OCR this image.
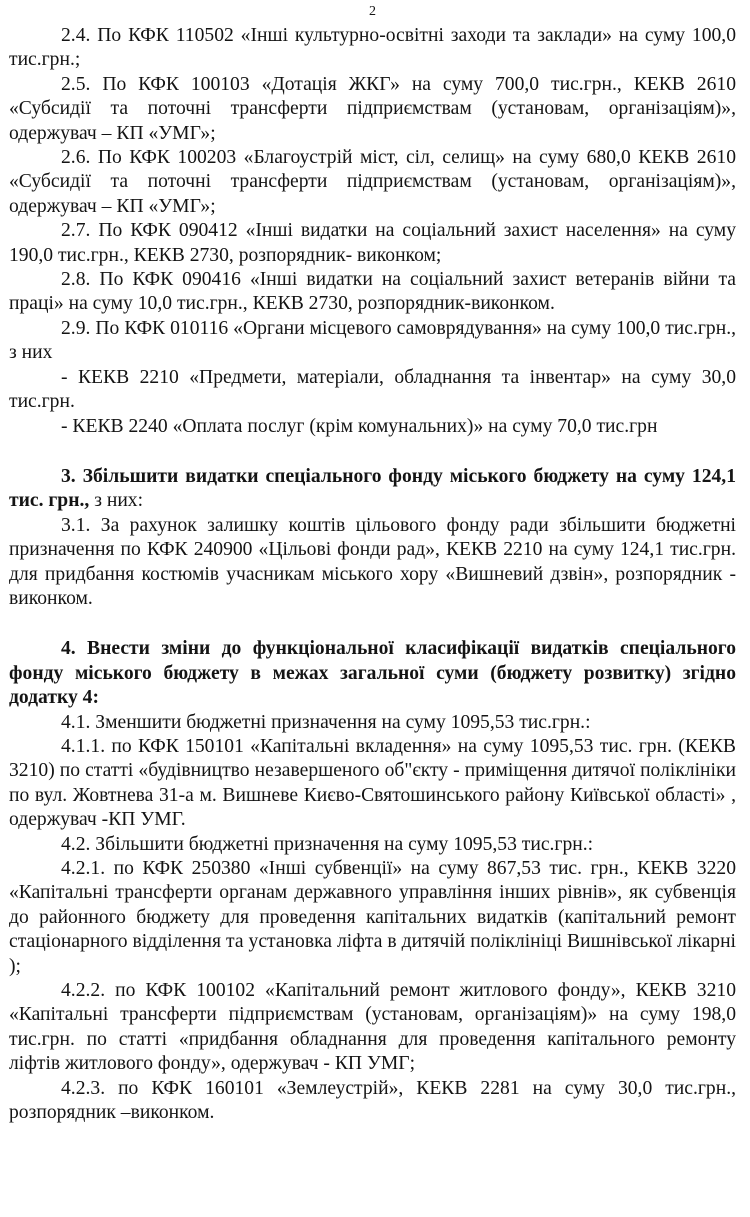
2

2.4. По КФК 110502 «Інші культурно-освітні заходи та заклади» на суму 100,0 тис.грн.;

2.5. По КФК 100103 «Дотація ЖКГ» на суму 700,0 тис.грн., КЕКВ 2610 «Субсидії та поточні трансферти підприємствам (установам, організаціям)», одержувач – КП «УМГ»;

2.6. По КФК 100203 «Благоустрій міст, сіл, селищ» на суму 680,0 КЕКВ 2610 «Субсидії та поточні трансферти підприємствам (установам, організаціям)», одержувач – КП «УМГ»;

2.7. По КФК 090412 «Інші видатки на соціальний захист населення» на суму 190,0 тис.грн., КЕКВ 2730, розпорядник- виконком;

2.8. По КФК 090416 «Інші видатки на соціальний захист ветеранів війни та праці» на суму 10,0 тис.грн., КЕКВ 2730, розпорядник-виконком.

2.9. По КФК 010116 «Органи місцевого самоврядування» на суму 100,0 тис.грн., з них

- КЕКВ 2210 «Предмети, матеріали, обладнання та інвентар» на суму 30,0 тис.грн.

- КЕКВ 2240 «Оплата послуг (крім комунальних)» на суму 70,0 тис.грн

3. Збільшити видатки спеціального фонду міського бюджету на суму 124,1 тис. грн., з них:

3.1. За рахунок залишку коштів цільового фонду ради збільшити бюджетні призначення по КФК 240900 «Цільові фонди рад», КЕКВ 2210 на суму 124,1 тис.грн. для придбання костюмів учасникам міського хору «Вишневий дзвін», розпорядник - виконком.

4. Внести зміни до функціональної класифікації видатків спеціального фонду міського бюджету в межах загальної суми (бюджету розвитку) згідно додатку 4:

4.1. Зменшити бюджетні призначення на суму 1095,53 тис.грн.:

4.1.1. по КФК 150101 «Капітальні вкладення» на суму 1095,53 тис. грн. (КЕКВ 3210) по статті «будівництво незавершеного об"єкту - приміщення дитячої поліклініки по вул. Жовтнева 31-а м. Вишневе Києво-Святошинського району Київської області» , одержувач -КП УМГ.

4.2. Збільшити бюджетні призначення на суму 1095,53 тис.грн.:

4.2.1. по КФК 250380 «Інші субвенції» на суму 867,53 тис. грн., КЕКВ 3220 «Капітальні трансферти органам державного управління інших рівнів», як субвенція до районного бюджету для проведення капітальних видатків (капітальний ремонт стаціонарного відділення та установка ліфта в дитячій поліклініці Вишнівської лікарні );

4.2.2. по КФК 100102 «Капітальний ремонт житлового фонду», КЕКВ 3210 «Капітальні трансферти підприємствам (установам, організаціям)» на суму 198,0 тис.грн. по статті «придбання обладнання для проведення капітального ремонту ліфтів житлового фонду», одержувач - КП УМГ;

4.2.3. по КФК 160101 «Землеустрій», КЕКВ 2281 на суму 30,0 тис.грн., розпорядник –виконком.
